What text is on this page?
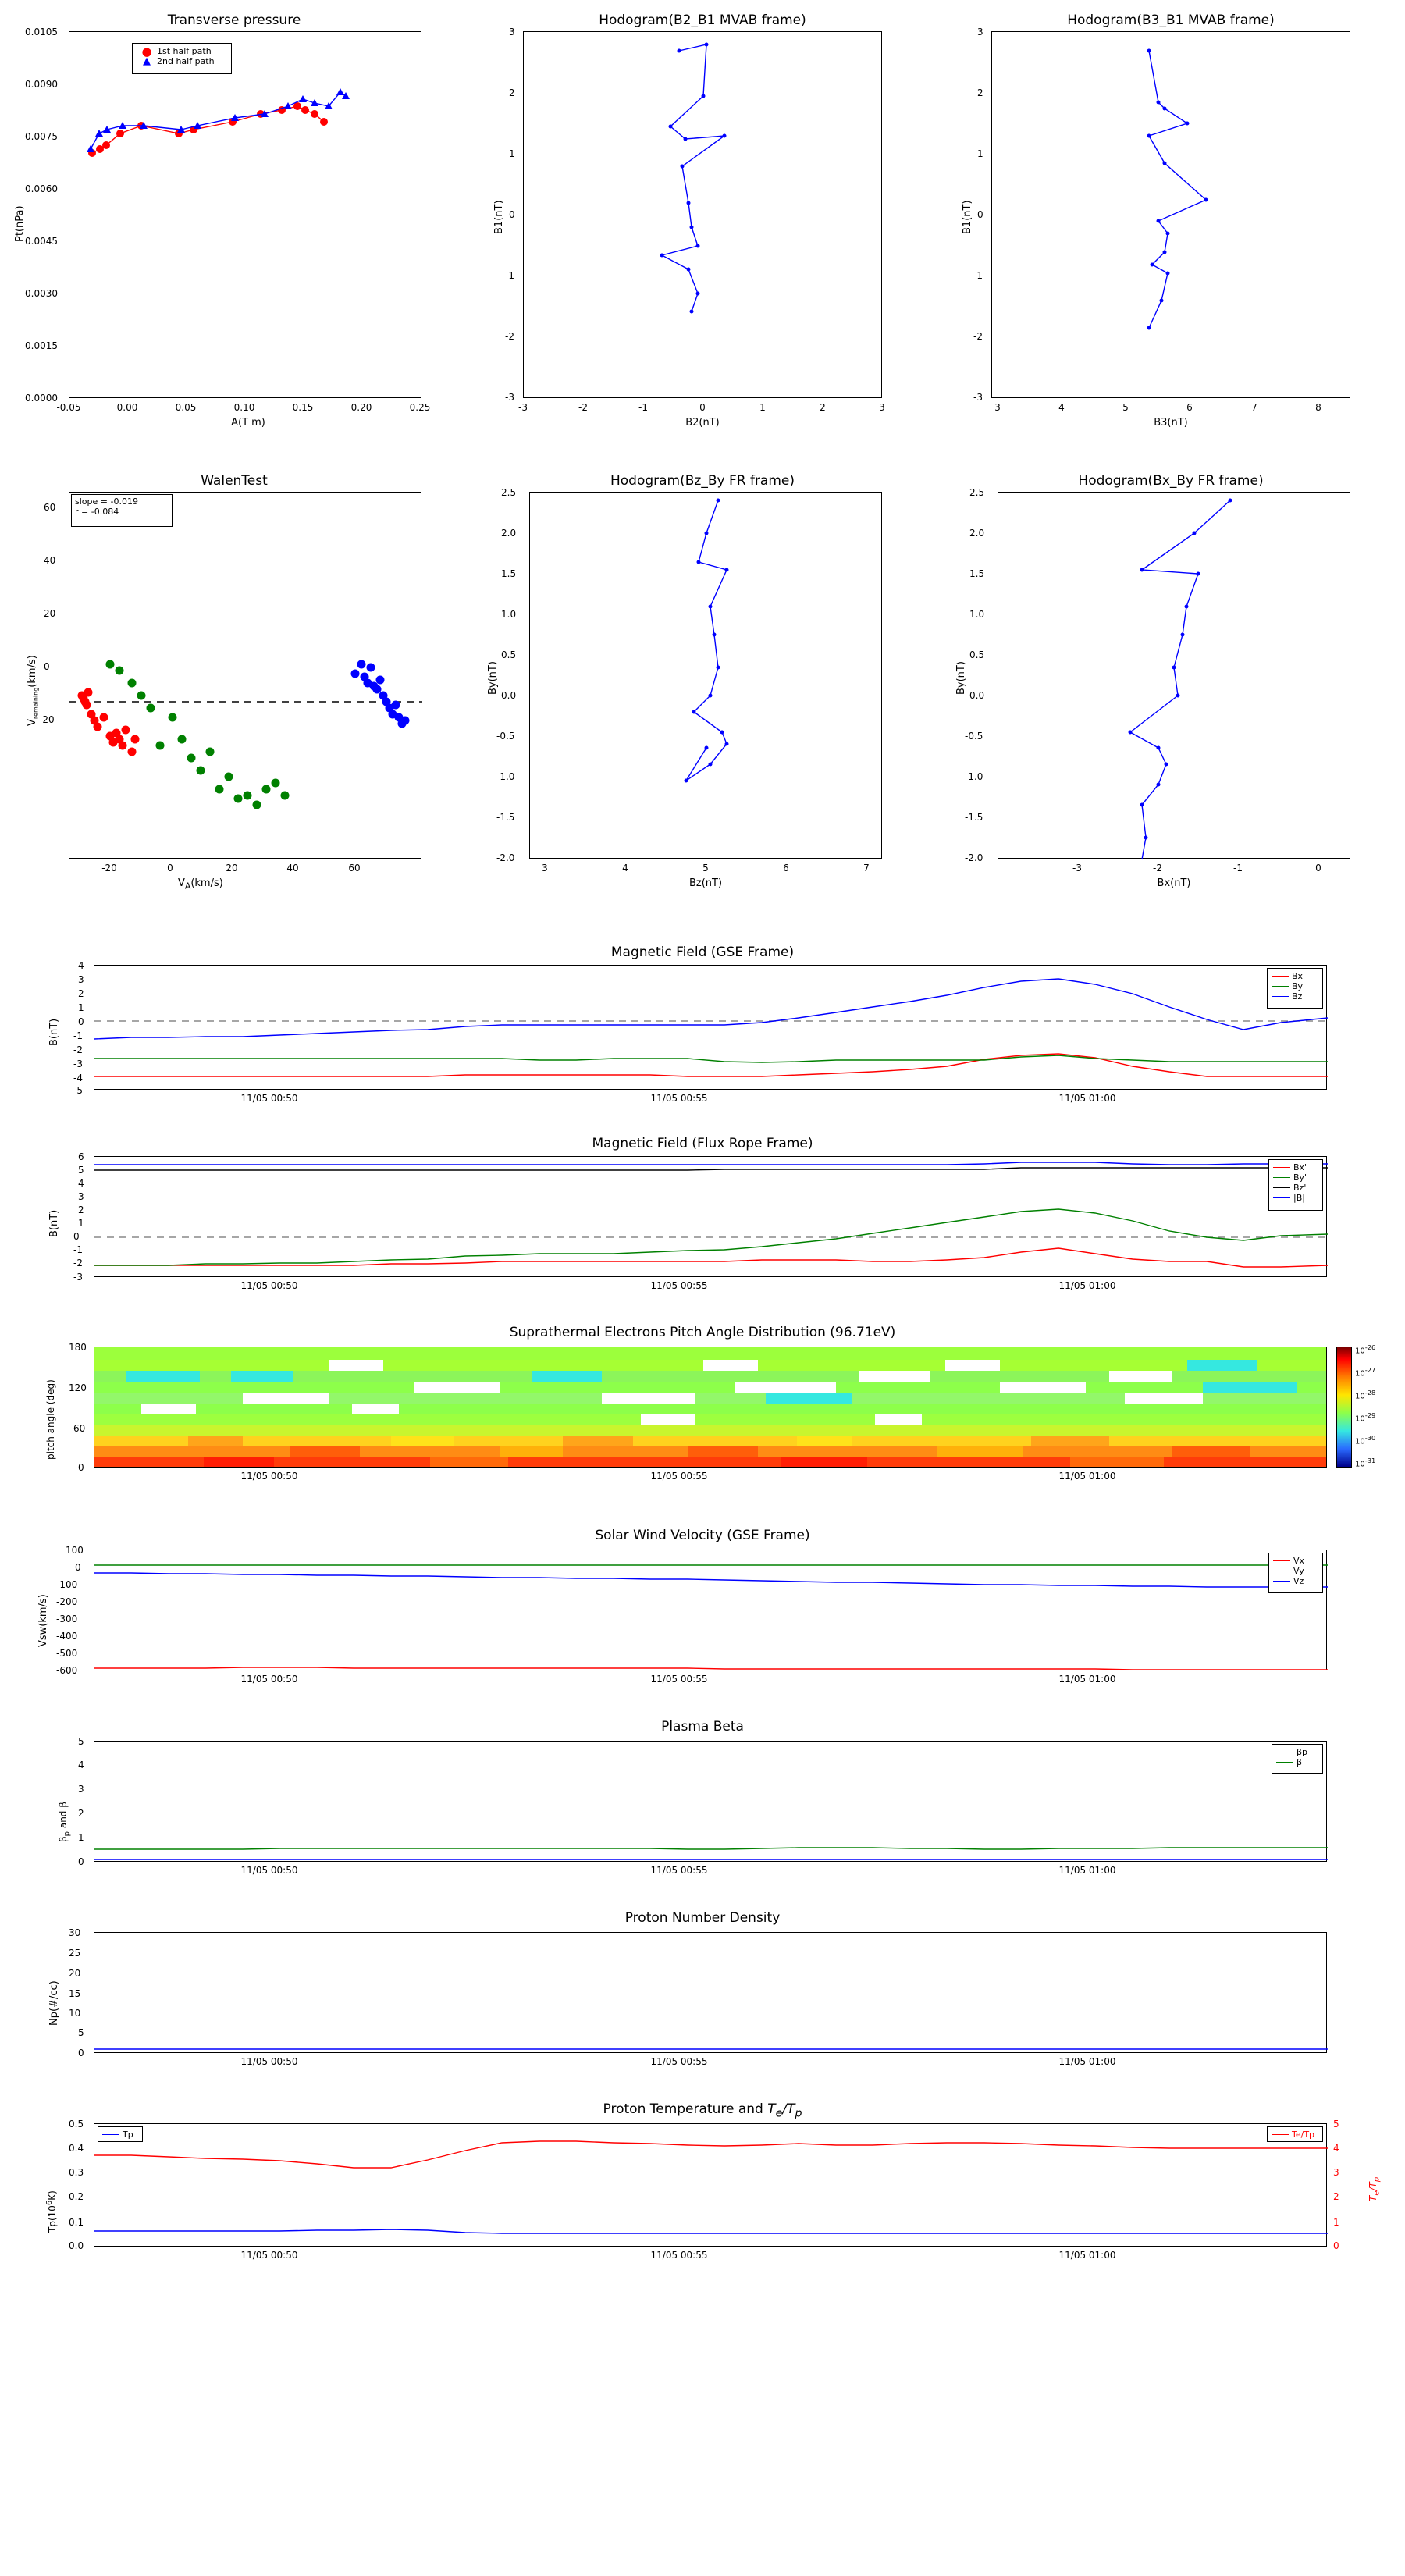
Transverse pressure
● 1st half path
▲ 2nd half path
0.0105
0.0090
0.0075
0.0060
0.0045
0.0030
0.0015
0.0000
-0.05	0.00	0.05	0.10	0.15	0.20	0.25
A(T m)
Pt(nPa)
Hodogram(B2_B1 MVAB frame)
3
2
1
0
-1
-2
-3
-3	-2	-1	0	1	2	3
B2(nT)
B1(nT)
Hodogram(B3_B1 MVAB frame)
3
2
1
0
-1
-2
-3
3	4	5	6	7	8
B3(nT)
B1(nT)
WalenTest
slope = -0.019
r = -0.084
40
20
0
-20
60
-20	0	20	40	60
$V_A(km/s)$
$V_{remaining}(km/s)$
Hodogram(Bz_By FR frame)
2.5
2.0
1.5
1.0
0.5
0.0
-0.5
-1.0
-1.5
-2.0
3	4	5	6	7
Bz(nT)
By(nT)
Hodogram(Bx_By FR frame)
2.5
2.0
1.5
1.0
0.5
0.0
-0.5
-1.0
-1.5
-2.0
-3	-2	-1	0
Bx(nT)
By(nT)
Magnetic Field (GSE Frame)
Bx
By
Bz
4
3
2
1
0
-1
-2
-3
-4
-5
11/05 00:50	11/05 00:55	11/05 01:00
B(nT)
Magnetic Field (Flux Rope Frame)
Bx'
By'
Bz'
|B|
6
5
4
3
2
1
0
-1
-2
-3
11/05 00:50	11/05 00:55	11/05 01:00
B(nT)
Suprathermal Electrons Pitch Angle Distribution (96.71eV)
180
120
60
0
11/05 00:50	11/05 00:55	11/05 01:00
pitch angle (deg)
$10^{-26}$
$10^{-27}$
$10^{-28}$
$10^{-29}$
$10^{-30}$
$10^{-31}$
Solar Wind Velocity (GSE Frame)
Vx
Vy
Vz
100
0
-100
-200
-300
-400
-500
-600
11/05 00:50	11/05 00:55	11/05 01:00
Vsw(km/s)
Plasma Beta
βp
β
5
4
3
2
1
0
11/05 00:50	11/05 00:55	11/05 01:00
$\beta_p$ and β
Proton Number Density
30
25
20
15
10
5
0
11/05 00:50	11/05 00:55	11/05 01:00
Np(#/cc)
Proton Temperature and $T_e/T_p$
Tp	Te/Tp
0.5
0.4
0.3
0.2
0.1
0.0
5
4
3
2
1
0
11/05 00:50	11/05 00:55	11/05 01:00
$Tp(10^6K)$	$T_e/T_p$
